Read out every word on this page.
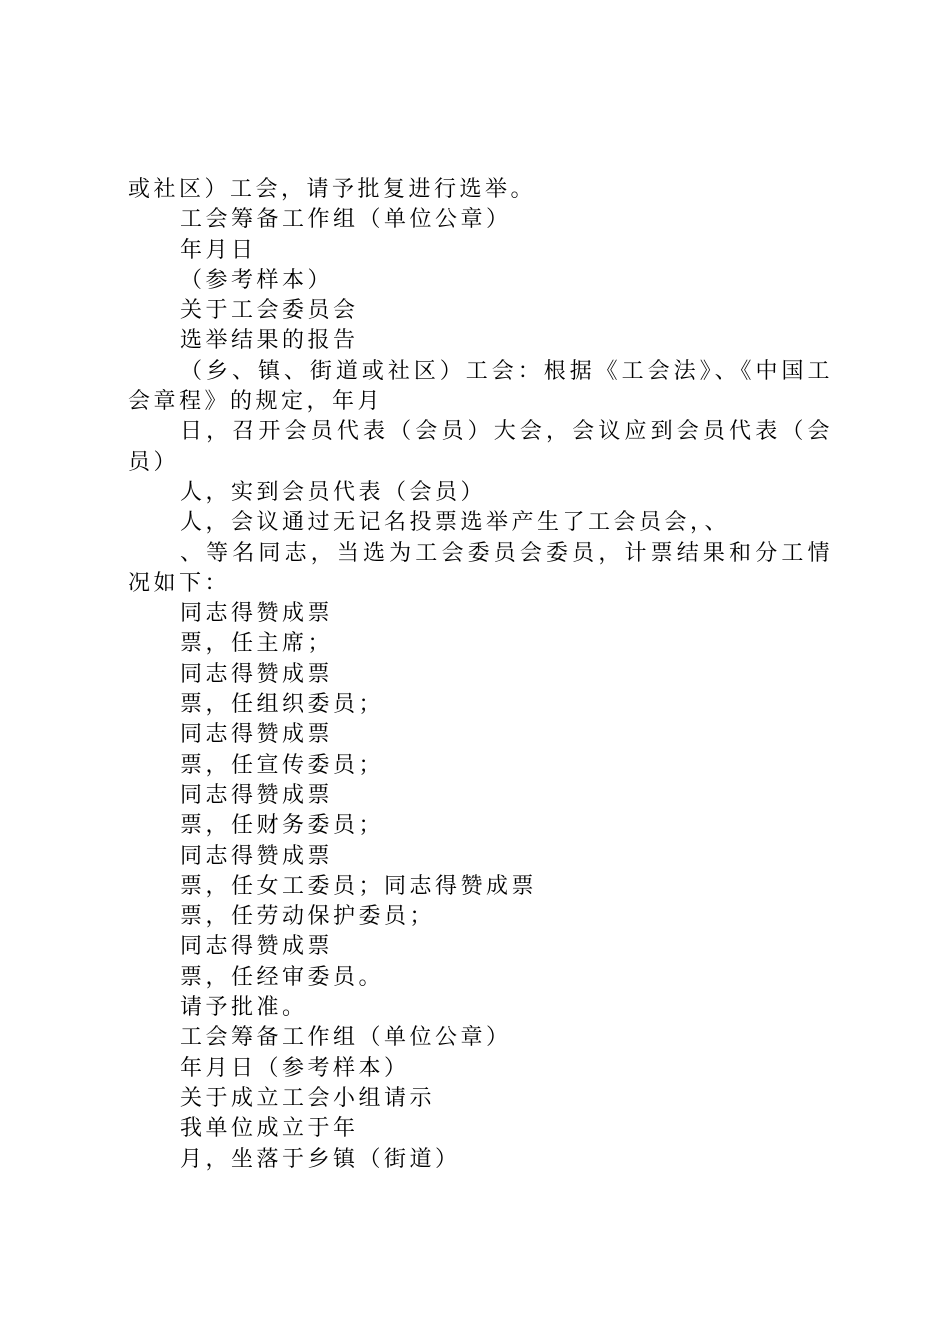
或社区）工会，请予批复进行选举。

工会筹备工作组（单位公章）

年月日

（参考样本）

关于工会委员会

选举结果的报告

（乡、镇、街道或社区）工会：根据《工会法》、《中国工会章程》的规定，年月

日，召开会员代表（会员）大会，会议应到会员代表（会员）

人，实到会员代表（会员）

人，会议通过无记名投票选举产生了工会员会，、

、等名同志，当选为工会委员会委员，计票结果和分工情况如下：

同志得赞成票

票，任主席；

同志得赞成票

票，任组织委员；

同志得赞成票

票，任宣传委员；

同志得赞成票

票，任财务委员；

同志得赞成票

票，任女工委员；同志得赞成票

票，任劳动保护委员；

同志得赞成票

票，任经审委员。

请予批准。

工会筹备工作组（单位公章）

年月日（参考样本）

关于成立工会小组请示

我单位成立于年

月，坐落于乡镇（街道）
